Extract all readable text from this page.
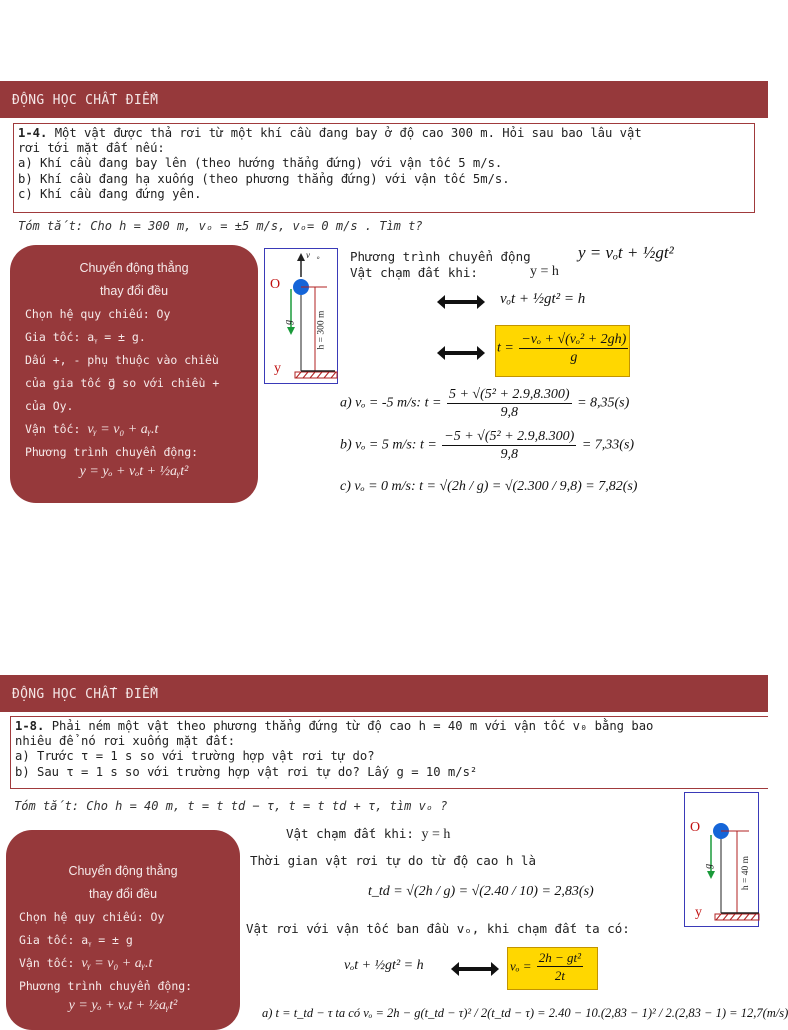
ĐỘNG HỌC CHẤT ĐIỂM
1-4. Một vật được thả rơi từ một khí cầu đang bay ở độ cao 300 m. Hỏi sau bao lâu vật
rơi tới mặt đất nếu:
a) Khí cầu đang bay lên (theo hướng thẳng đứng) với vận tốc 5 m/s.
b) Khí cầu đang hạ xuống (theo phương thẳng đứng) với vận tốc 5m/s.
c) Khí cầu đang đứng yên.
Tóm tắt: Cho h = 300 m, vₒ = ±5 m/s, vₒ= 0 m/s . Tìm t?
Chuyển động thẳng
thay đổi đều
Chọn hệ quy chiếu: Oy
Gia tốc: aᵧ = ± g.
Dấu +, - phụ thuộc vào chiều
của gia tốc g⃗ so với chiều +
của Oy.
Vận tốc: vᵧ = v₀ + aᵧ.t
Phương trình chuyển động:
y = yₒ + vₒt + ½aᵧt²
v⃗ₒ
O
g⃗ h = 300 m
y
Phương trình chuyển động	y = vₒt + ½gt²
Vật chạm đất khi:	y = h
vₒt + ½gt² = h
$t = \frac{\text{−vₒ + √(vₒ² + 2gh)}}{g}$
a) vₒ = -5 m/s: $t = \frac{\text{5 + √(5² + 2.9,8.300)}}{9,8} = 8,35(s)$
b) vₒ = 5 m/s: $t = \frac{\text{−5 + √(5² + 2.9,8.300)}}{9,8} = 7,33(s)$
c) vₒ = 0 m/s: t = √(2h / g) = √(2.300 / 9,8) = 7,82(s)
ĐỘNG HỌC CHẤT ĐIỂM
1-8. Phải ném một vật theo phương thẳng đứng từ độ cao h = 40 m với vận tốc v₀ bằng bao
nhiêu để nó rơi xuống mặt đất:
a) Trước τ = 1 s so với trường hợp vật rơi tự do?
b) Sau τ = 1 s so với trường hợp vật rơi tự do? Lấy g = 10 m/s²
Tóm tắt: Cho h = 40 m, t = t td − τ, t = t td + τ, tìm vₒ ?
Vật chạm đất khi: y = h
Chuyển động thẳng
thay đổi đều
Chọn hệ quy chiếu: Oy
Gia tốc: aᵧ = ± g
Vận tốc: vᵧ = v₀ + aᵧ.t
Phương trình chuyển động:
y = yₒ + vₒt + ½aᵧt²
O
g⃗	h = 40 m
y
Thời gian vật rơi tự do từ độ cao h là
t_td = √(2h / g) = √(2.40 / 10) = 2,83(s)
Vật rơi với vận tốc ban đầu vₒ, khi chạm đất ta có:
vₒt + ½gt² = h	$v_o = \frac{\text{2h − gt²}}{2t}$
a) t = t_td − τ ta có vₒ = 2h − g(t_td − τ)² / 2(t_td − τ) = 2.40 − 10.(2,83 − 1)² / 2.(2,83 − 1) = 12,7(m/s)
